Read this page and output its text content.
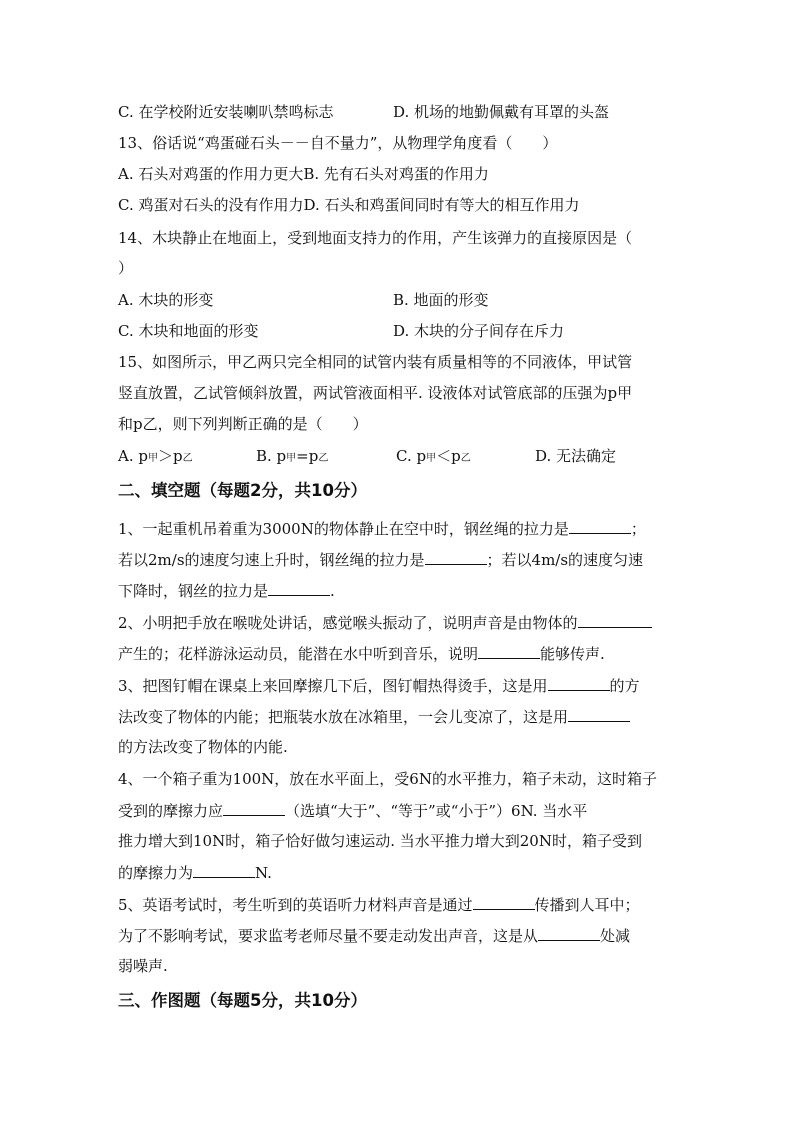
C. 在学校附近安装喇叭禁鸣标志	D. 机场的地勤佩戴有耳罩的头盔
13、俗话说“鸡蛋碰石头－－自不量力”，从物理学角度看（　　）
A. 石头对鸡蛋的作用力更大B. 先有石头对鸡蛋的作用力
C. 鸡蛋对石头的没有作用力D. 石头和鸡蛋间同时有等大的相互作用力
14、木块静止在地面上，受到地面支持力的作用，产生该弹力的直接原因是（
）
A. 木块的形变	B. 地面的形变
C. 木块和地面的形变	D. 木块的分子间存在斥力
15、如图所示，甲乙两只完全相同的试管内装有质量相等的不同液体，甲试管
竖直放置，乙试管倾斜放置，两试管液面相平. 设液体对试管底部的压强为p甲
和p乙，则下列判断正确的是（　　）
A. p甲＞p乙	B. p甲=p乙	C. p甲＜p乙	D. 无法确定
二、填空题（每题2分，共10分）
1、一起重机吊着重为3000N的物体静止在空中时，钢丝绳的拉力是	；
若以2m/s的速度匀速上升时，钢丝绳的拉力是	；若以4m/s的速度匀速
下降时，钢丝的拉力是	.
2、小明把手放在喉咙处讲话，感觉喉头振动了，说明声音是由物体的
产生的；花样游泳运动员，能潜在水中听到音乐，说明	能够传声.
3、把图钉帽在课桌上来回摩擦几下后，图钉帽热得烫手，这是用	的方
法改变了物体的内能；把瓶装水放在冰箱里，一会儿变凉了，这是用
的方法改变了物体的内能.
4、一个箱子重为100N，放在水平面上，受6N的水平推力，箱子未动，这时箱子
受到的摩擦力应	（选填“大于”、“等于”或“小于”）6N. 当水平
推力增大到10N时，箱子恰好做匀速运动. 当水平推力增大到20N时，箱子受到
的摩擦力为	N.
5、英语考试时，考生听到的英语听力材料声音是通过	传播到人耳中；
为了不影响考试，要求监考老师尽量不要走动发出声音，这是从	处减
弱噪声.
三、作图题（每题5分，共10分）
